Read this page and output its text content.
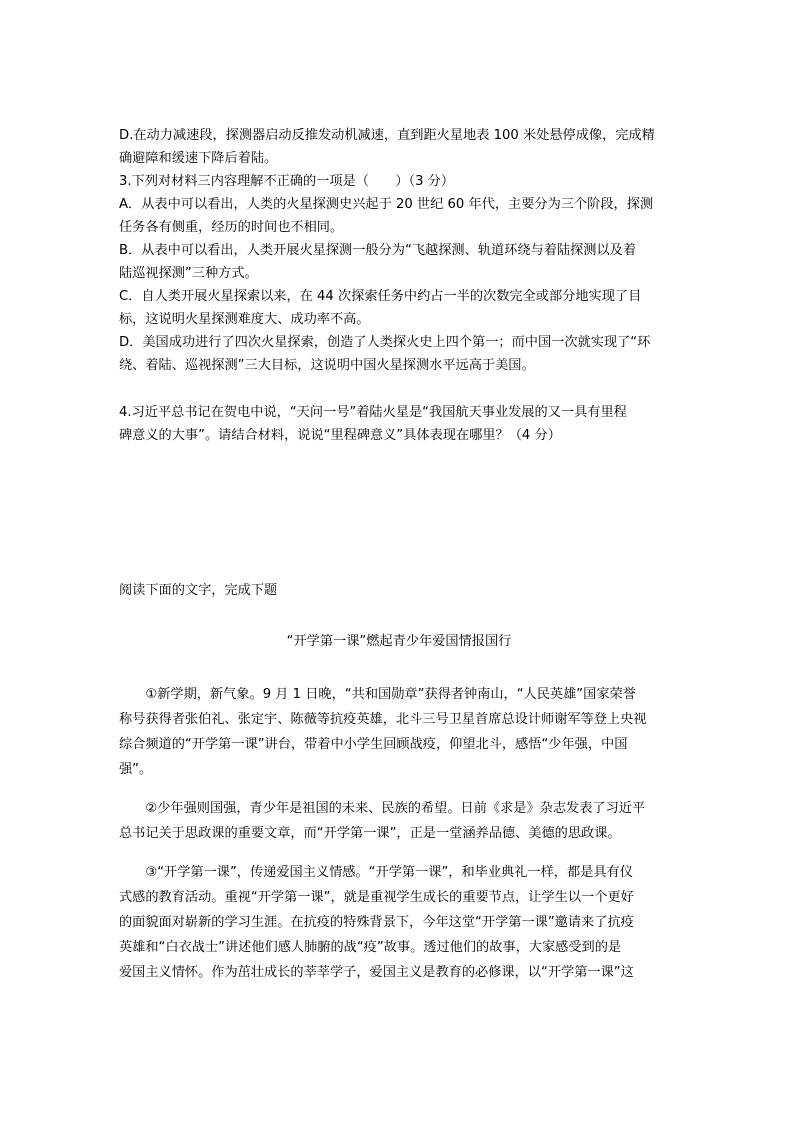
D.在动力减速段，探测器启动反推发动机减速，直到距火星地表 100 米处悬停成像，完成精

确避障和缓速下降后着陆。

3.下列对材料三内容理解不正确的一项是（　　）（3 分）

A．从表中可以看出，人类的火星探测史兴起于 20 世纪 60 年代，主要分为三个阶段，探测

任务各有侧重，经历的时间也不相同。

B．从表中可以看出，人类开展火星探测一般分为“飞越探测、轨道环绕与着陆探测以及着

陆巡视探测”三种方式。

C．自人类开展火星探索以来，在 44 次探索任务中约占一半的次数完全或部分地实现了目

标，这说明火星探测难度大、成功率不高。

D．美国成功进行了四次火星探索，创造了人类探火史上四个第一；而中国一次就实现了“环

绕、着陆、巡视探测”三大目标，这说明中国火星探测水平远高于美国。

4.习近平总书记在贺电中说，“天问一号”着陆火星是“我国航天事业发展的又一具有里程

碑意义的大事”。请结合材料，说说“里程碑意义”具体表现在哪里？（4 分）

阅读下面的文字，完成下题

“开学第一课”燃起青少年爱国情报国行

　　①新学期，新气象。9 月 1 日晚，“共和国勋章”获得者钟南山，“人民英雄”国家荣誉

称号获得者张伯礼、张定宇、陈薇等抗疫英雄，北斗三号卫星首席总设计师谢军等登上央视

综合频道的“开学第一课”讲台，带着中小学生回顾战疫，仰望北斗，感悟“少年强，中国

强”。

　　②少年强则国强，青少年是祖国的未来、民族的希望。日前《求是》杂志发表了习近平

总书记关于思政课的重要文章，而“开学第一课”，正是一堂涵养品德、美德的思政课。

　　③“开学第一课”，传递爱国主义情感。“开学第一课”，和毕业典礼一样，都是具有仪

式感的教育活动。重视“开学第一课”，就是重视学生成长的重要节点，让学生以一个更好

的面貌面对崭新的学习生涯。在抗疫的特殊背景下，今年这堂“开学第一课”邀请来了抗疫

英雄和“白衣战士”讲述他们感人肺腑的战“疫”故事。透过他们的故事，大家感受到的是

爱国主义情怀。作为茁壮成长的莘莘学子，爱国主义是教育的必修课，以“开学第一课”这
